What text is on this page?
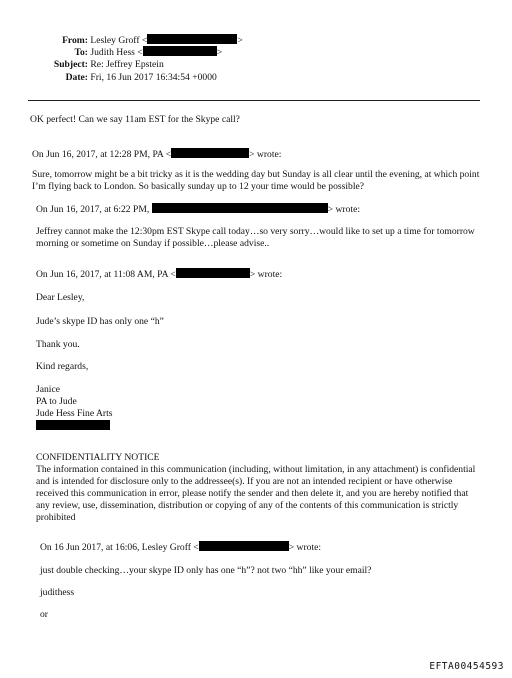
From: Lesley Groff <	>
To: Judith Hess <	>
Subject: Re: Jeffrey Epstein
Date: Fri, 16 Jun 2017 16:34:54 +0000
OK perfect! Can we say 11am EST for the Skype call?
On Jun 16, 2017, at 12:28 PM, PA <	> wrote:
Sure, tomorrow might be a bit tricky as it is the wedding day but Sunday is all clear until the evening, at which point I’m flying back to London. So basically sunday up to 12 your time would be possible?
On Jun 16, 2017, at 6:22 PM,	> wrote:
Jeffrey cannot make the 12:30pm EST Skype call today…so very sorry…would like to set up a time for tomorrow morning or sometime on Sunday if possible…please advise..
On Jun 16, 2017, at 11:08 AM, PA <	> wrote:
Dear Lesley,
Jude’s skype ID has only one “h”
Thank you.
Kind regards,
Janice
PA to Jude
Jude Hess Fine Arts
CONFIDENTIALITY NOTICE
The information contained in this communication (including, without limitation, in any attachment) is confidential and is intended for disclosure only to the addressee(s). If you are not an intended recipient or have otherwise received this communication in error, please notify the sender and then delete it, and you are hereby notified that any review, use, dissemination, distribution or copying of any of the contents of this communication is strictly prohibited
On 16 Jun 2017, at 16:06, Lesley Groff <	> wrote:
just double checking…your skype ID only has one “h”? not two “hh” like your email?
judithess
or
EFTA00454593
